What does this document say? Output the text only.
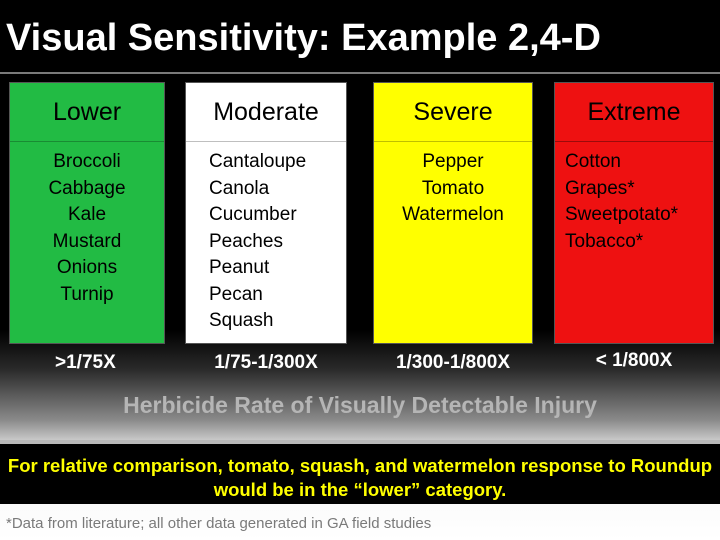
Visual Sensitivity: Example 2,4-D
Lower
Broccoli
Cabbage
Kale
Mustard
Onions
Turnip
Moderate
Cantaloupe
Canola
Cucumber
Peaches
Peanut
Pecan
Squash
Severe
Pepper
Tomato
Watermelon
Extreme
Cotton
Grapes*
Sweetpotato*
Tobacco*
>1/75X	1/75-1/300X	1/300-1/800X	< 1/800X
Herbicide Rate of Visually Detectable Injury
For relative comparison, tomato, squash, and watermelon response to Roundup would be in the “lower” category.
*Data from literature; all other data generated in GA field studies
